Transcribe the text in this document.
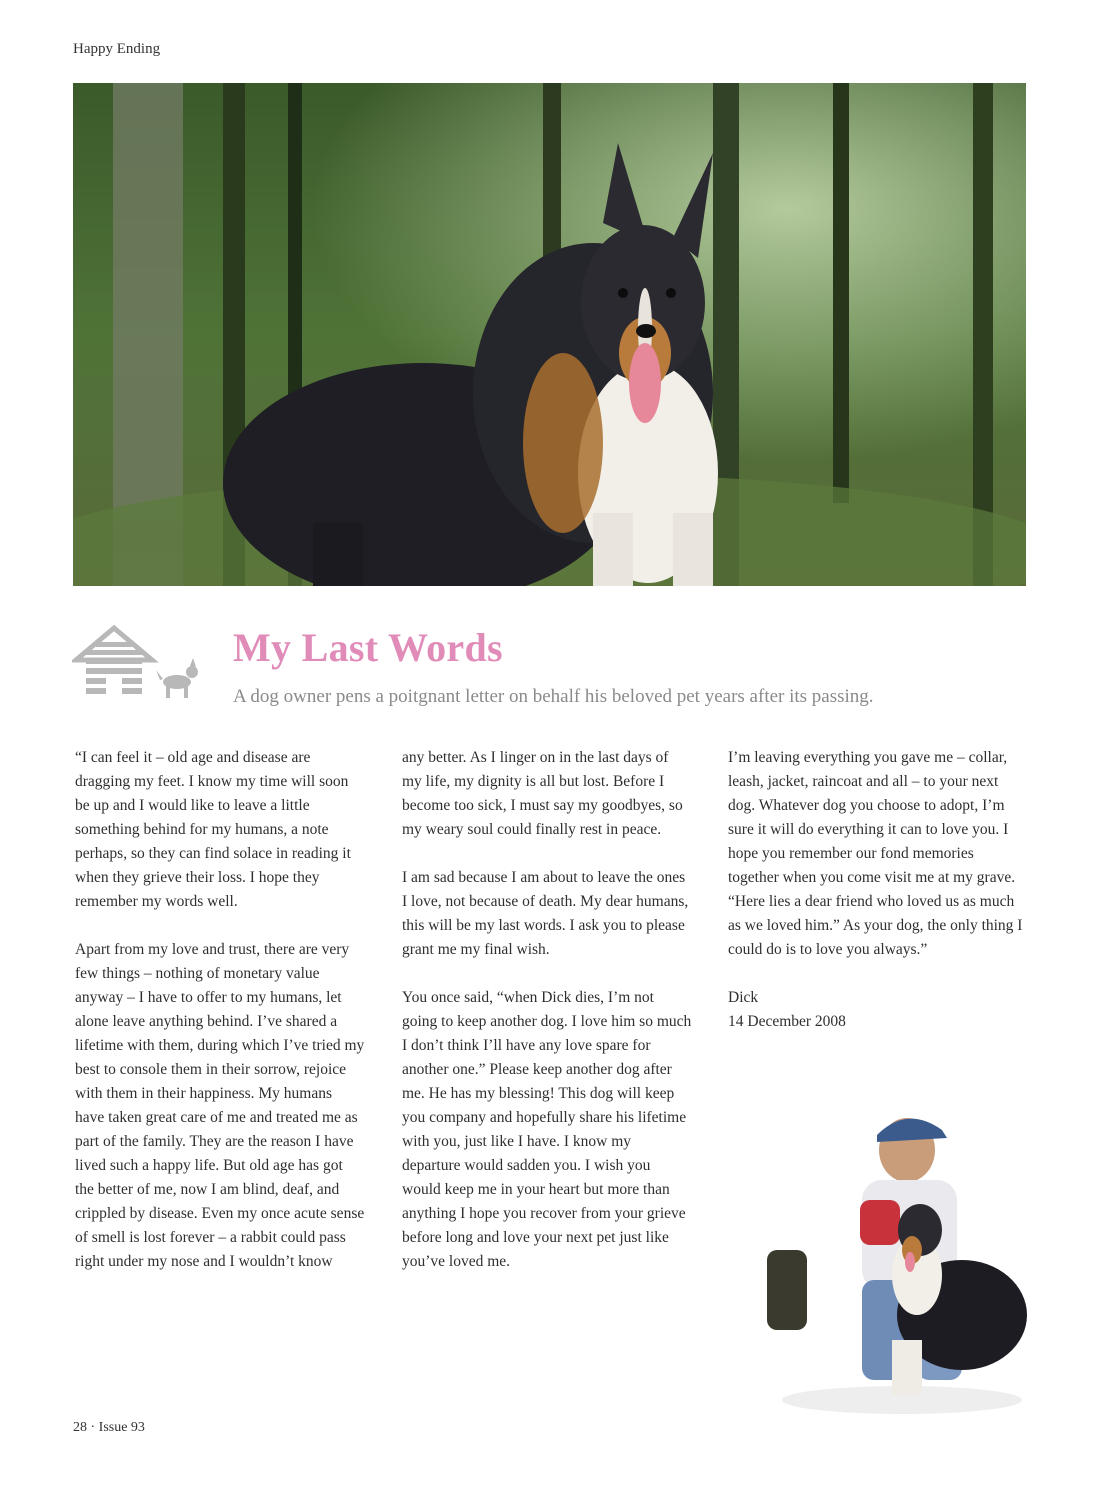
Happy Ending
My Last Words

A dog owner pens a poitgnant letter on behalf his beloved pet years after its passing.

“I can feel it – old age and disease are dragging my feet. I know my time will soon be up and I would like to leave a little something behind for my humans, a note perhaps, so they can find solace in reading it when they grieve their loss. I hope they remember my words well.

Apart from my love and trust, there are very few things – nothing of monetary value anyway – I have to offer to my humans, let alone leave anything behind. I’ve shared a lifetime with them, during which I’ve tried my best to console them in their sorrow, rejoice with them in their happiness. My humans have taken great care of me and treated me as part of the family. They are the reason I have lived such a happy life. But old age has got the better of me, now I am blind, deaf, and crippled by disease. Even my once acute sense of smell is lost forever – a rabbit could pass right under my nose and I wouldn’t know

any better. As I linger on in the last days of my life, my dignity is all but lost. Before I become too sick, I must say my goodbyes, so my weary soul could finally rest in peace.

I am sad because I am about to leave the ones I love, not because of death. My dear humans, this will be my last words. I ask you to please grant me my final wish.

You once said, “when Dick dies, I’m not going to keep another dog. I love him so much I don’t think I’ll have any love spare for another one.” Please keep another dog after me. He has my blessing! This dog will keep you company and hopefully share his lifetime with you, just like I have. I know my departure would sadden you. I wish you would keep me in your heart but more than anything I hope you recover from your grieve before long and love your next pet just like you’ve loved me.

I’m leaving everything you gave me – collar, leash, jacket, raincoat and all – to your next dog. Whatever dog you choose to adopt, I’m sure it will do everything it can to love you. I hope you remember our fond memories together when you come visit me at my grave. “Here lies a dear friend who loved us as much as we loved him.” As your dog, the only thing I could do is to love you always.”

Dick
14 December 2008
28 · Issue 93
